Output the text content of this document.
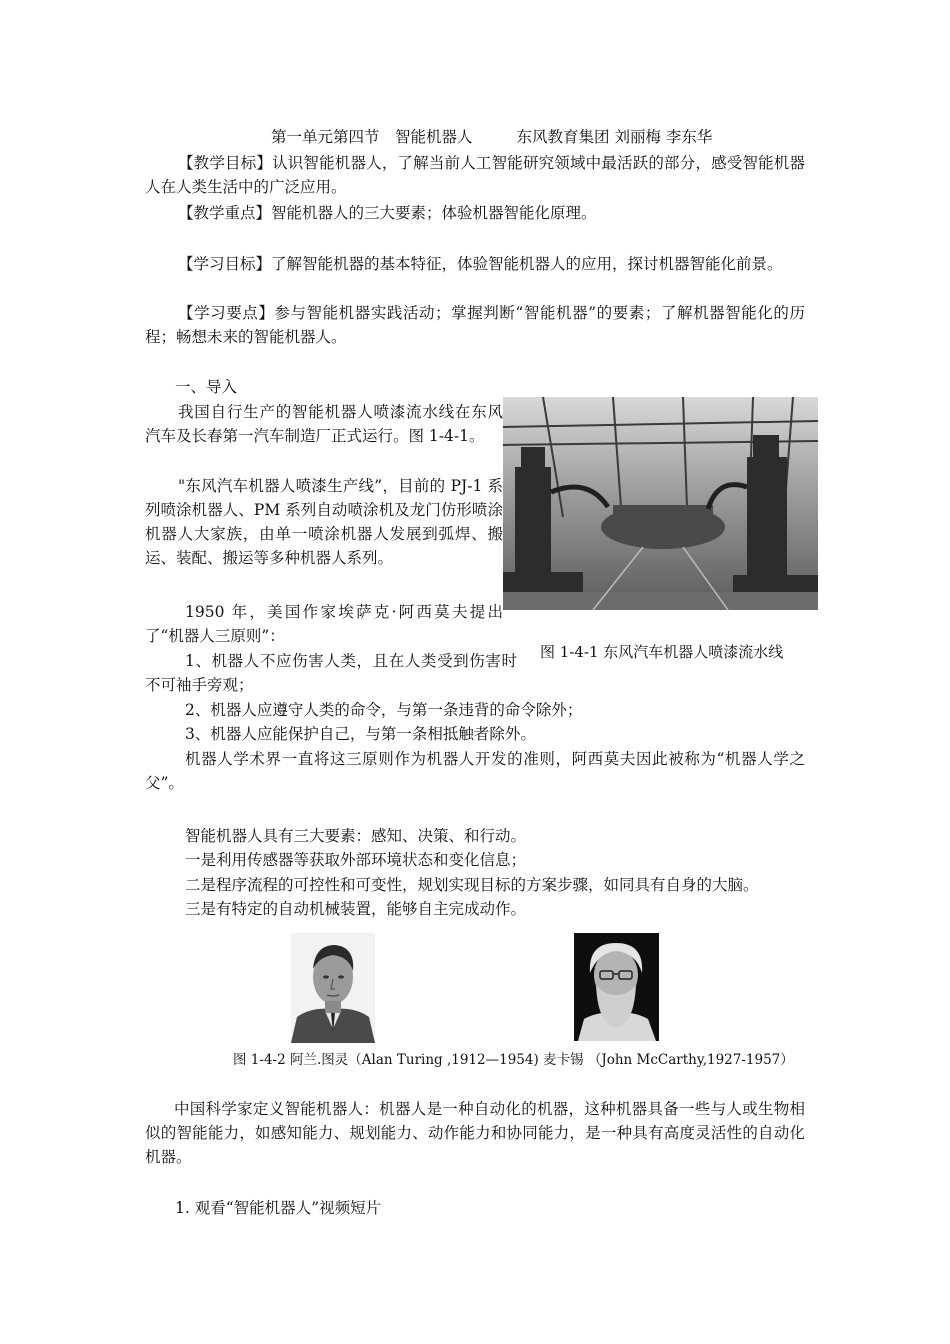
第一单元第四节　智能机器人	东风教育集团 刘丽梅 李东华
【教学目标】认识智能机器人，了解当前人工智能研究领域中最活跃的部分，感受智能机器人在人类生活中的广泛应用。
【教学重点】智能机器人的三大要素；体验机器智能化原理。
【学习目标】了解智能机器的基本特征，体验智能机器人的应用，探讨机器智能化前景。
【学习要点】参与智能机器实践活动；掌握判断“智能机器”的要素；了解机器智能化的历程；畅想未来的智能机器人。
一、导入
我国自行生产的智能机器人喷漆流水线在东风汽车及长春第一汽车制造厂正式运行。图 1-4-1。
"东风汽车机器人喷漆生产线”，目前的 PJ-1 系列喷涂机器人、PM 系列自动喷涂机及龙门仿形喷涂机器人大家族，由单一喷涂机器人发展到弧焊、搬运、装配、搬运等多种机器人系列。
图 1-4-1 东风汽车机器人喷漆流水线
1950 年，美国作家埃萨克·阿西莫夫提出了“机器人三原则”：
1、机器人不应伤害人类，且在人类受到伤害时不可袖手旁观；
2、机器人应遵守人类的命令，与第一条违背的命令除外；
3、机器人应能保护自己，与第一条相抵触者除外。
机器人学术界一直将这三原则作为机器人开发的准则，阿西莫夫因此被称为“机器人学之父”。
智能机器人具有三大要素：感知、决策、和行动。
一是利用传感器等获取外部环境状态和变化信息；
二是程序流程的可控性和可变性，规划实现目标的方案步骤，如同具有自身的大脑。
三是有特定的自动机械装置，能够自主完成动作。
图 1-4-2 阿兰.图灵（Alan Turing ,1912—1954) 麦卡锡 （John McCarthy,1927-1957）
中国科学家定义智能机器人：机器人是一种自动化的机器，这种机器具备一些与人或生物相似的智能能力，如感知能力、规划能力、动作能力和协同能力，是一种具有高度灵活性的自动化机器。
1. 观看“智能机器人”视频短片
